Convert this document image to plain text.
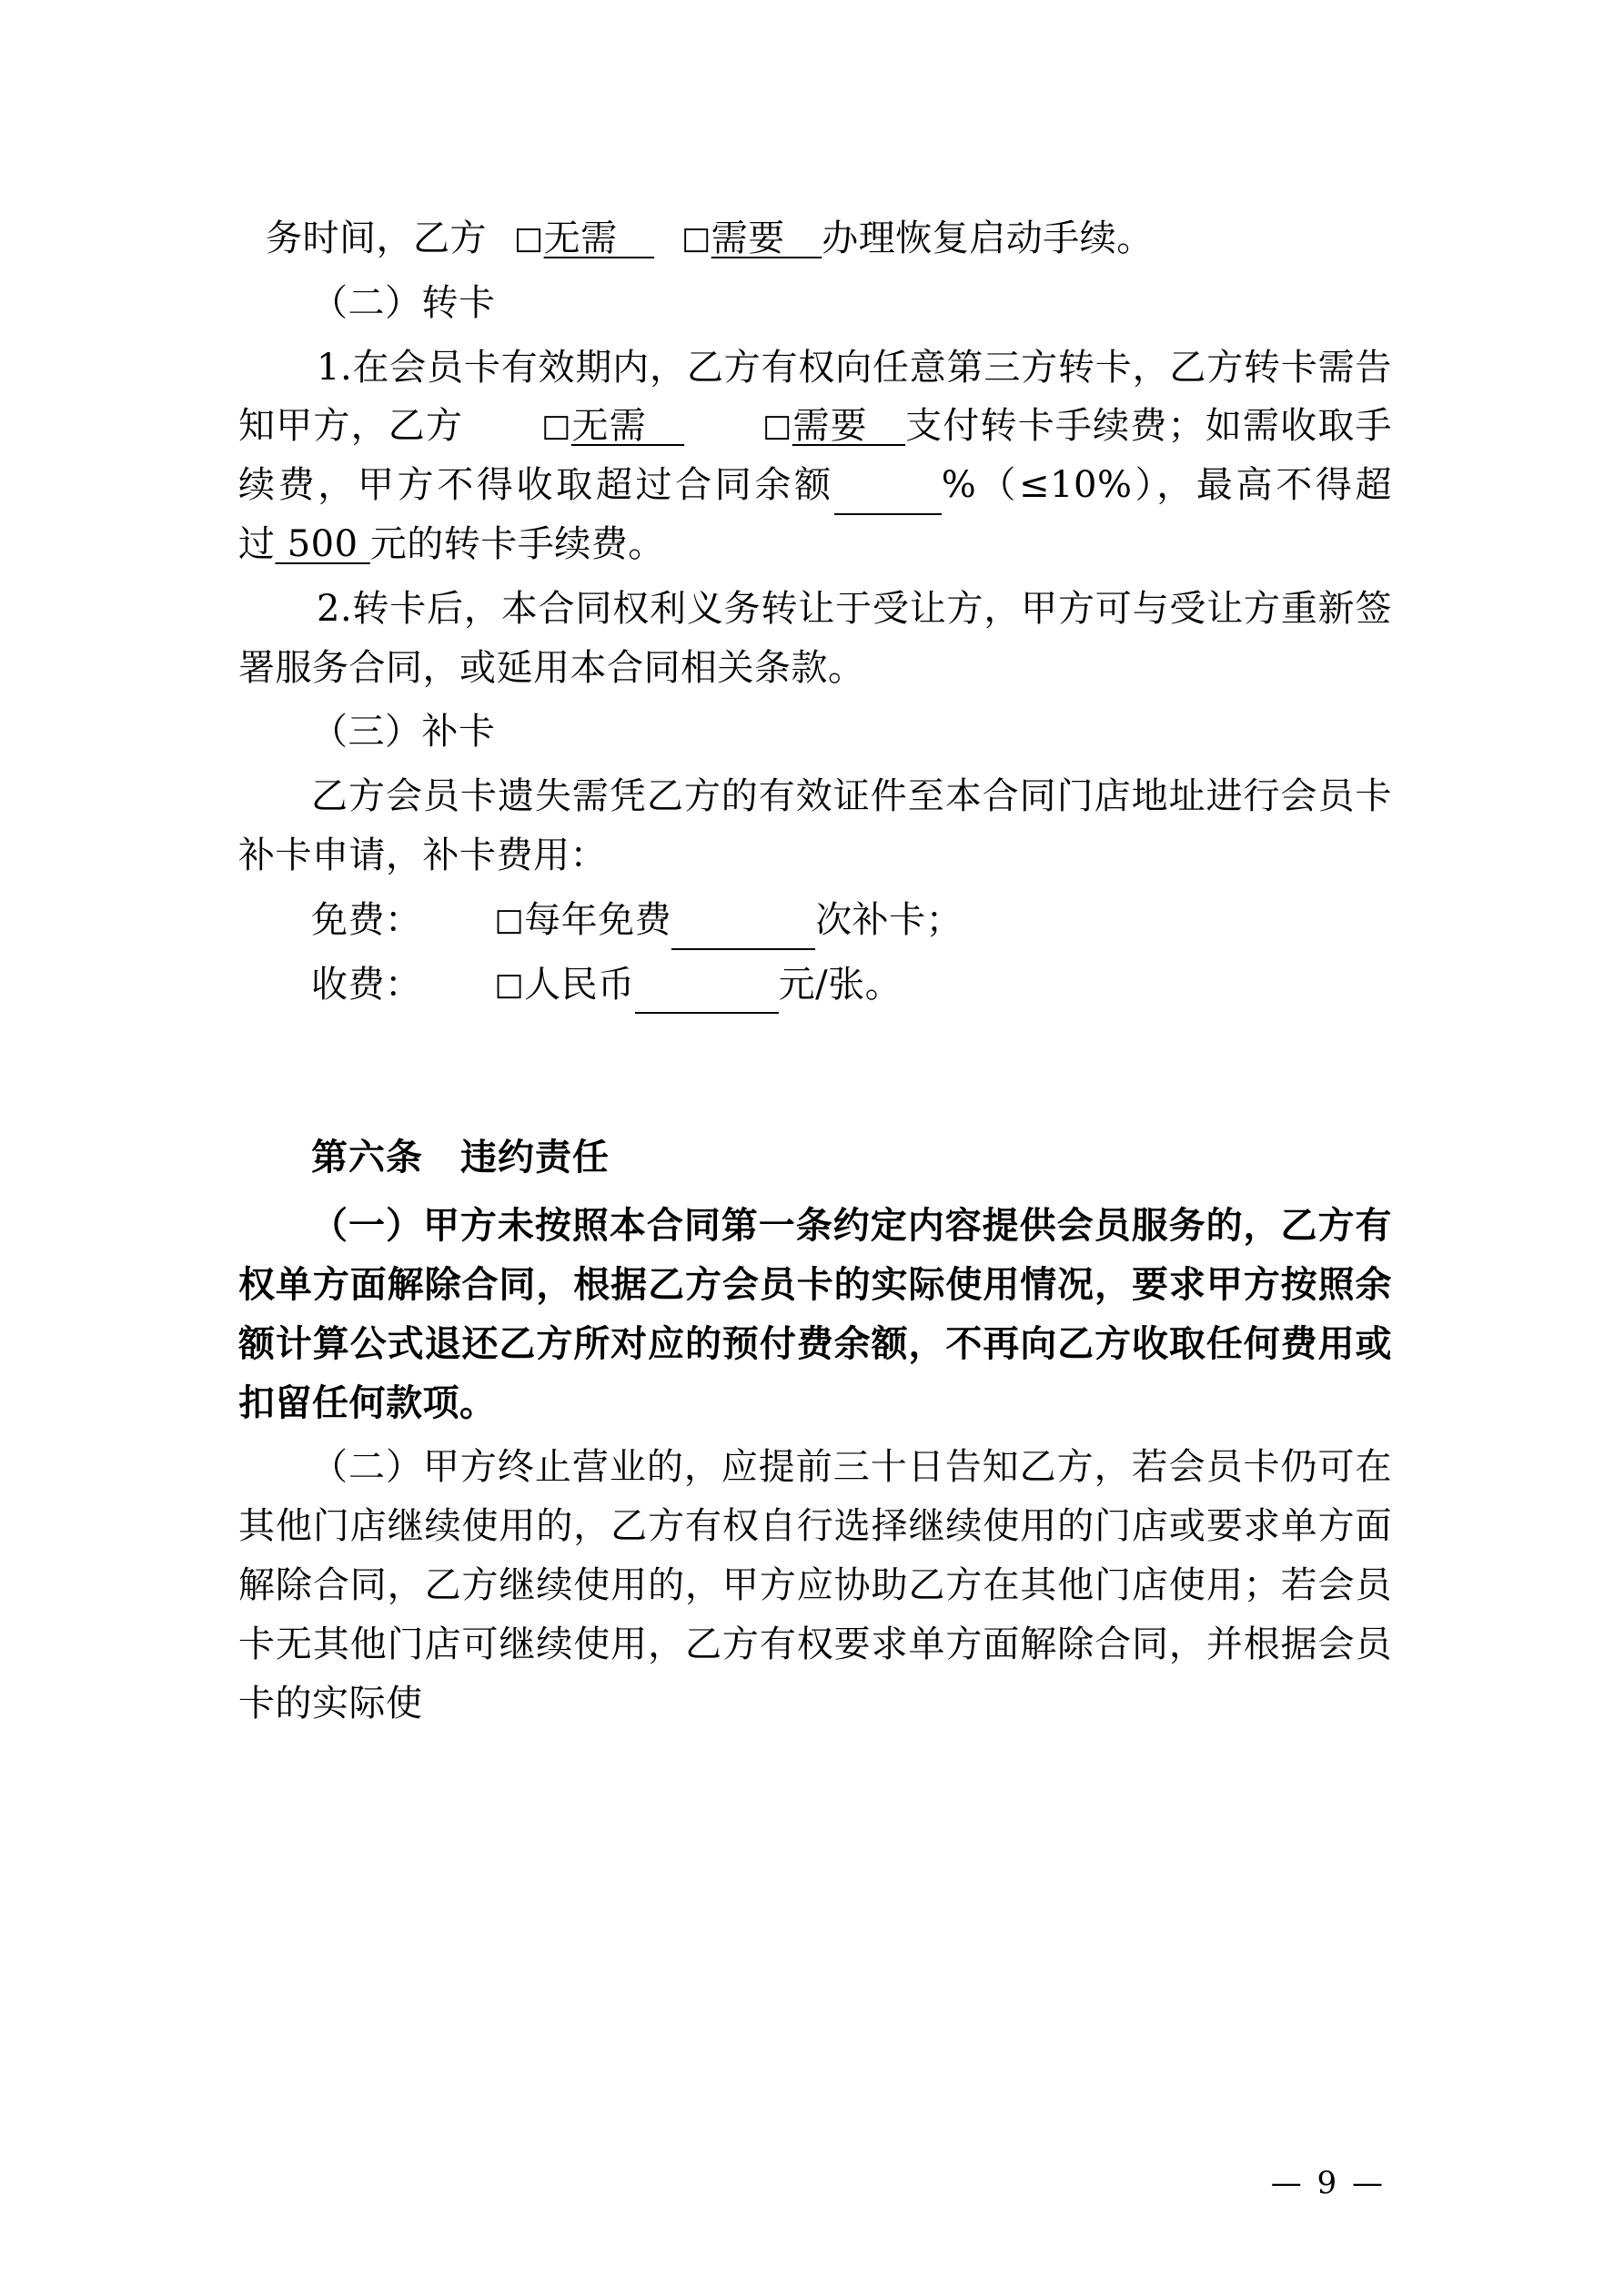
务时间，乙方 □无需　□需要　办理恢复启动手续。

（二）转卡

1.在会员卡有效期内，乙方有权向任意第三方转卡，乙方转卡需告知甲方，乙方	□无需　	□需要　支付转卡手续费；如需收取手续费，甲方不得收取超过合同余额	%（≤10%），最高不得超过 500 元的转卡手续费。

2.转卡后，本合同权利义务转让于受让方，甲方可与受让方重新签署服务合同，或延用本合同相关条款。

（三）补卡

乙方会员卡遗失需凭乙方的有效证件至本合同门店地址进行会员卡补卡申请，补卡费用：

免费： □每年免费	次补卡；

收费： □人民币	元/张。

第六条　违约责任

（一）甲方未按照本合同第一条约定内容提供会员服务的，乙方有权单方面解除合同，根据乙方会员卡的实际使用情况，要求甲方按照余额计算公式退还乙方所对应的预付费余额，不再向乙方收取任何费用或扣留任何款项。

（二）甲方终止营业的，应提前三十日告知乙方，若会员卡仍可在其他门店继续使用的，乙方有权自行选择继续使用的门店或要求单方面解除合同，乙方继续使用的，甲方应协助乙方在其他门店使用；若会员卡无其他门店可继续使用，乙方有权要求单方面解除合同，并根据会员卡的实际使

— 9 —
